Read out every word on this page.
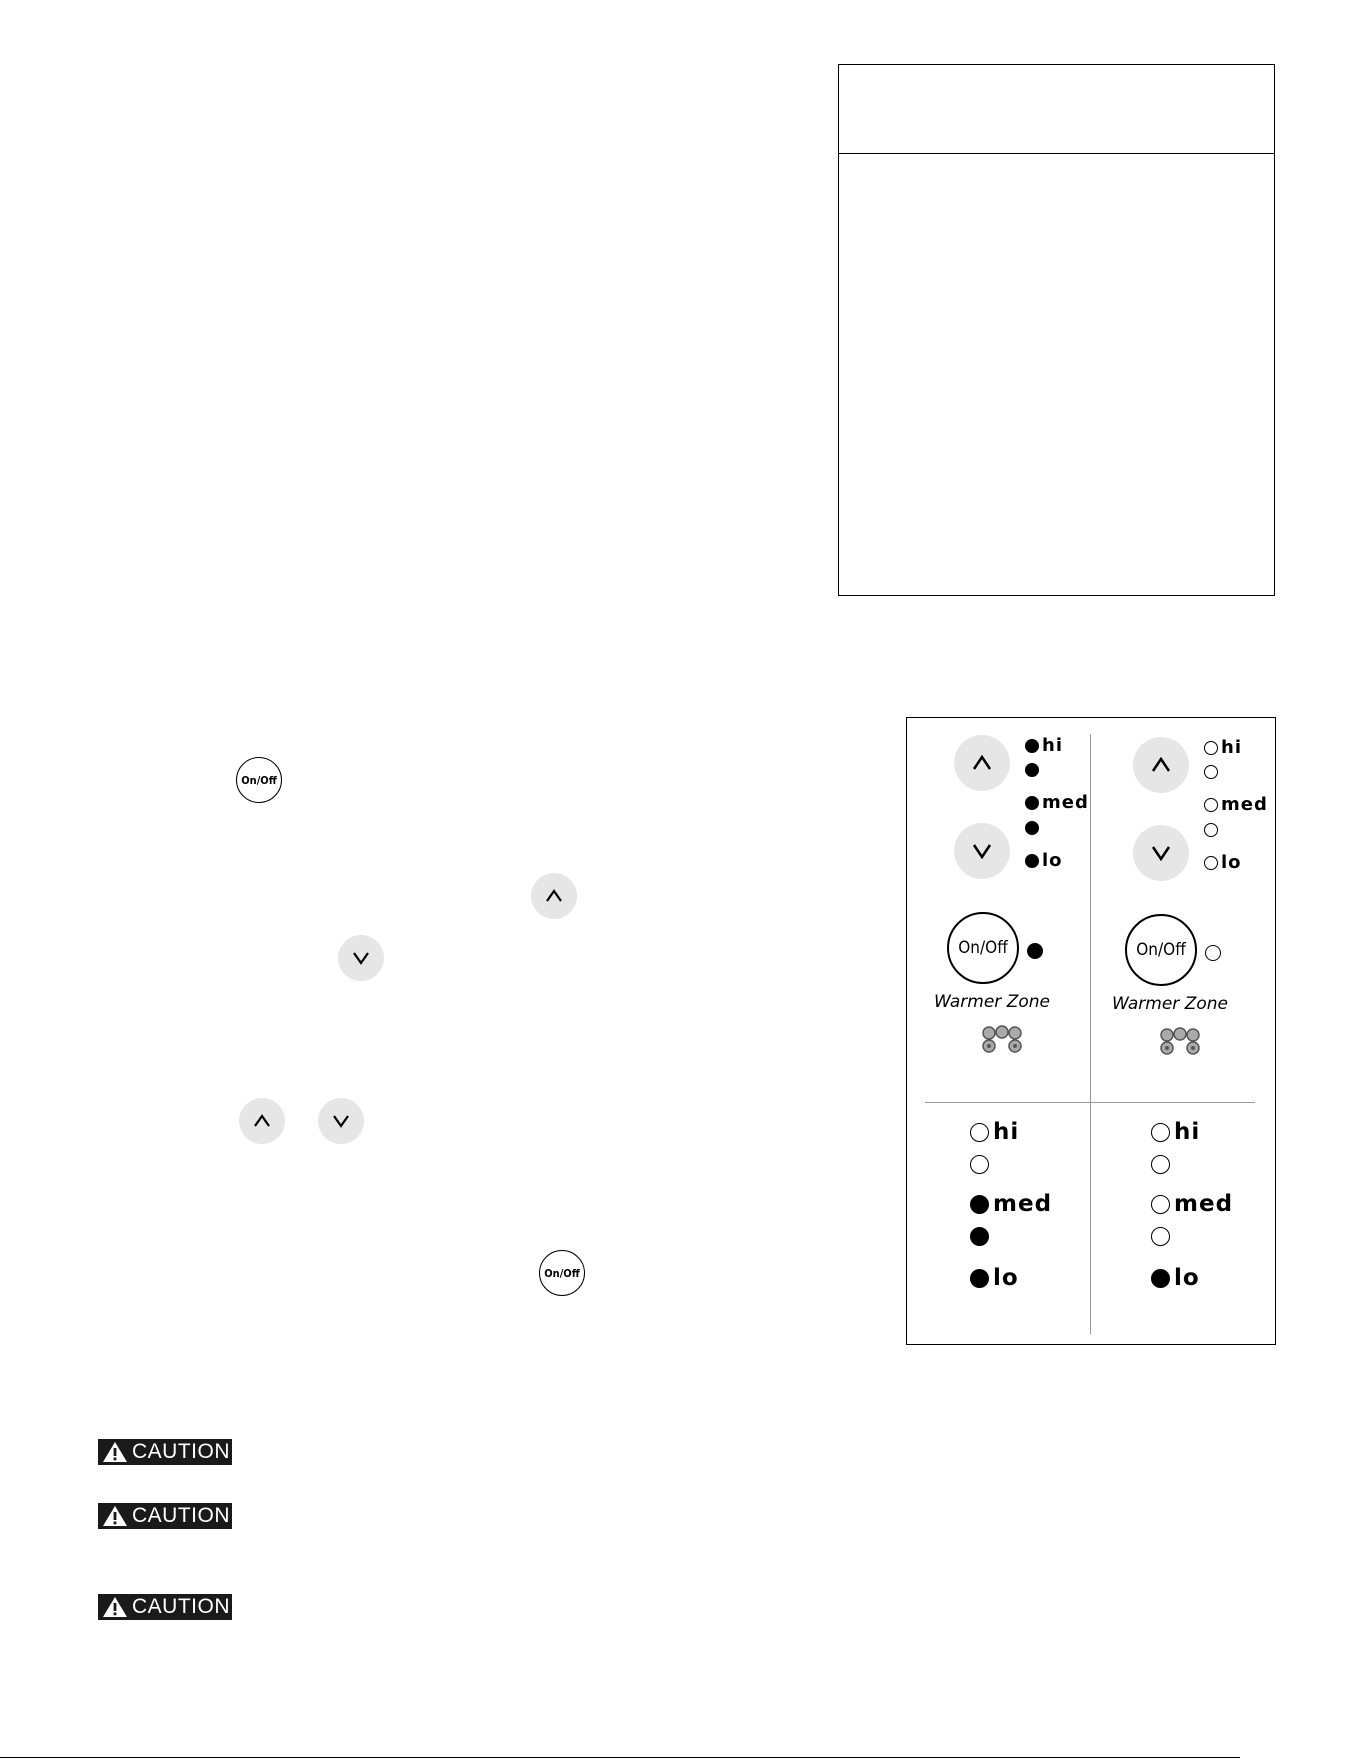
On/Off
On/Off
hi
med
lo
On/Off
Warmer Zone
hi
med
lo
On/Off
Warmer Zone
hi
med
lo
hi
med
lo
CAUTION
CAUTION
CAUTION
